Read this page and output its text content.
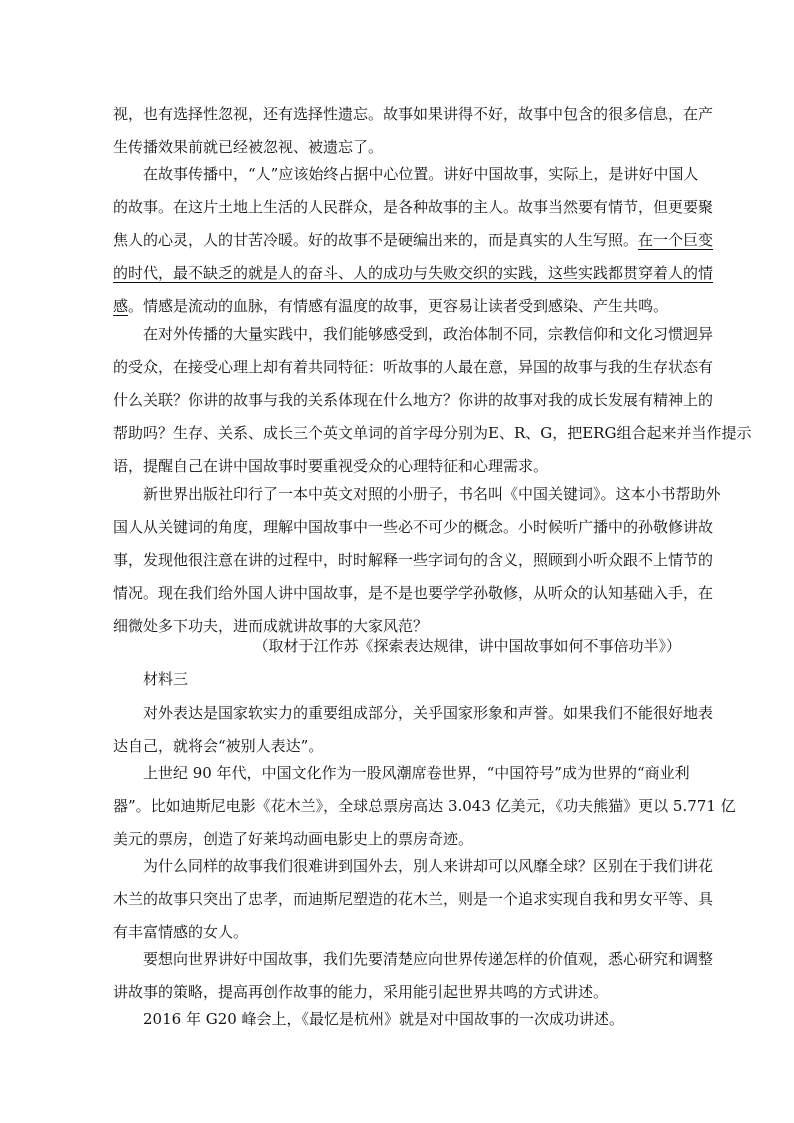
视，也有选择性忽视，还有选择性遗忘。故事如果讲得不好，故事中包含的很多信息，在产
生传播效果前就已经被忽视、被遗忘了。
在故事传播中，“人”应该始终占据中心位置。讲好中国故事，实际上，是讲好中国人
的故事。在这片土地上生活的人民群众，是各种故事的主人。故事当然要有情节，但更要聚
焦人的心灵，人的甘苦冷暖。好的故事不是硬编出来的，而是真实的人生写照。在一个巨变
的时代，最不缺乏的就是人的奋斗、人的成功与失败交织的实践，这些实践都贯穿着人的情
感。情感是流动的血脉，有情感有温度的故事，更容易让读者受到感染、产生共鸣。
在对外传播的大量实践中，我们能够感受到，政治体制不同，宗教信仰和文化习惯迥异
的受众，在接受心理上却有着共同特征：听故事的人最在意，异国的故事与我的生存状态有
什么关联？你讲的故事与我的关系体现在什么地方？你讲的故事对我的成长发展有精神上的
帮助吗？生存、关系、成长三个英文单词的首字母分别为E、R、G，把ERG组合起来并当作提示
语，提醒自己在讲中国故事时要重视受众的心理特征和心理需求。
新世界出版社印行了一本中英文对照的小册子，书名叫《中国关键词》。这本小书帮助外
国人从关键词的角度，理解中国故事中一些必不可少的概念。小时候听广播中的孙敬修讲故
事，发现他很注意在讲的过程中，时时解释一些字词句的含义，照顾到小听众跟不上情节的
情况。现在我们给外国人讲中国故事，是不是也要学学孙敬修，从听众的认知基础入手，在
细微处多下功夫，进而成就讲故事的大家风范？
（取材于江作苏《探索表达规律，讲中国故事如何不事倍功半》）
材料三
对外表达是国家软实力的重要组成部分，关乎国家形象和声誉。如果我们不能很好地表
达自己，就将会“被别人表达”。
上世纪 90 年代，中国文化作为一股风潮席卷世界，“中国符号”成为世界的“商业利
器”。比如迪斯尼电影《花木兰》，全球总票房高达 3.043 亿美元，《功夫熊猫》更以 5.771 亿
美元的票房，创造了好莱坞动画电影史上的票房奇迹。
为什么同样的故事我们很难讲到国外去，別人来讲却可以风靡全球？区别在于我们讲花
木兰的故事只突出了忠孝，而迪斯尼塑造的花木兰，则是一个追求实现自我和男女平等、具
有丰富情感的女人。
要想向世界讲好中国故事，我们先要清楚应向世界传递怎样的价值观，悉心研究和调整
讲故事的策略，提高再创作故事的能力，采用能引起世界共鸣的方式讲述。
2016 年 G20 峰会上，《最忆是杭州》就是对中国故事的一次成功讲述。
